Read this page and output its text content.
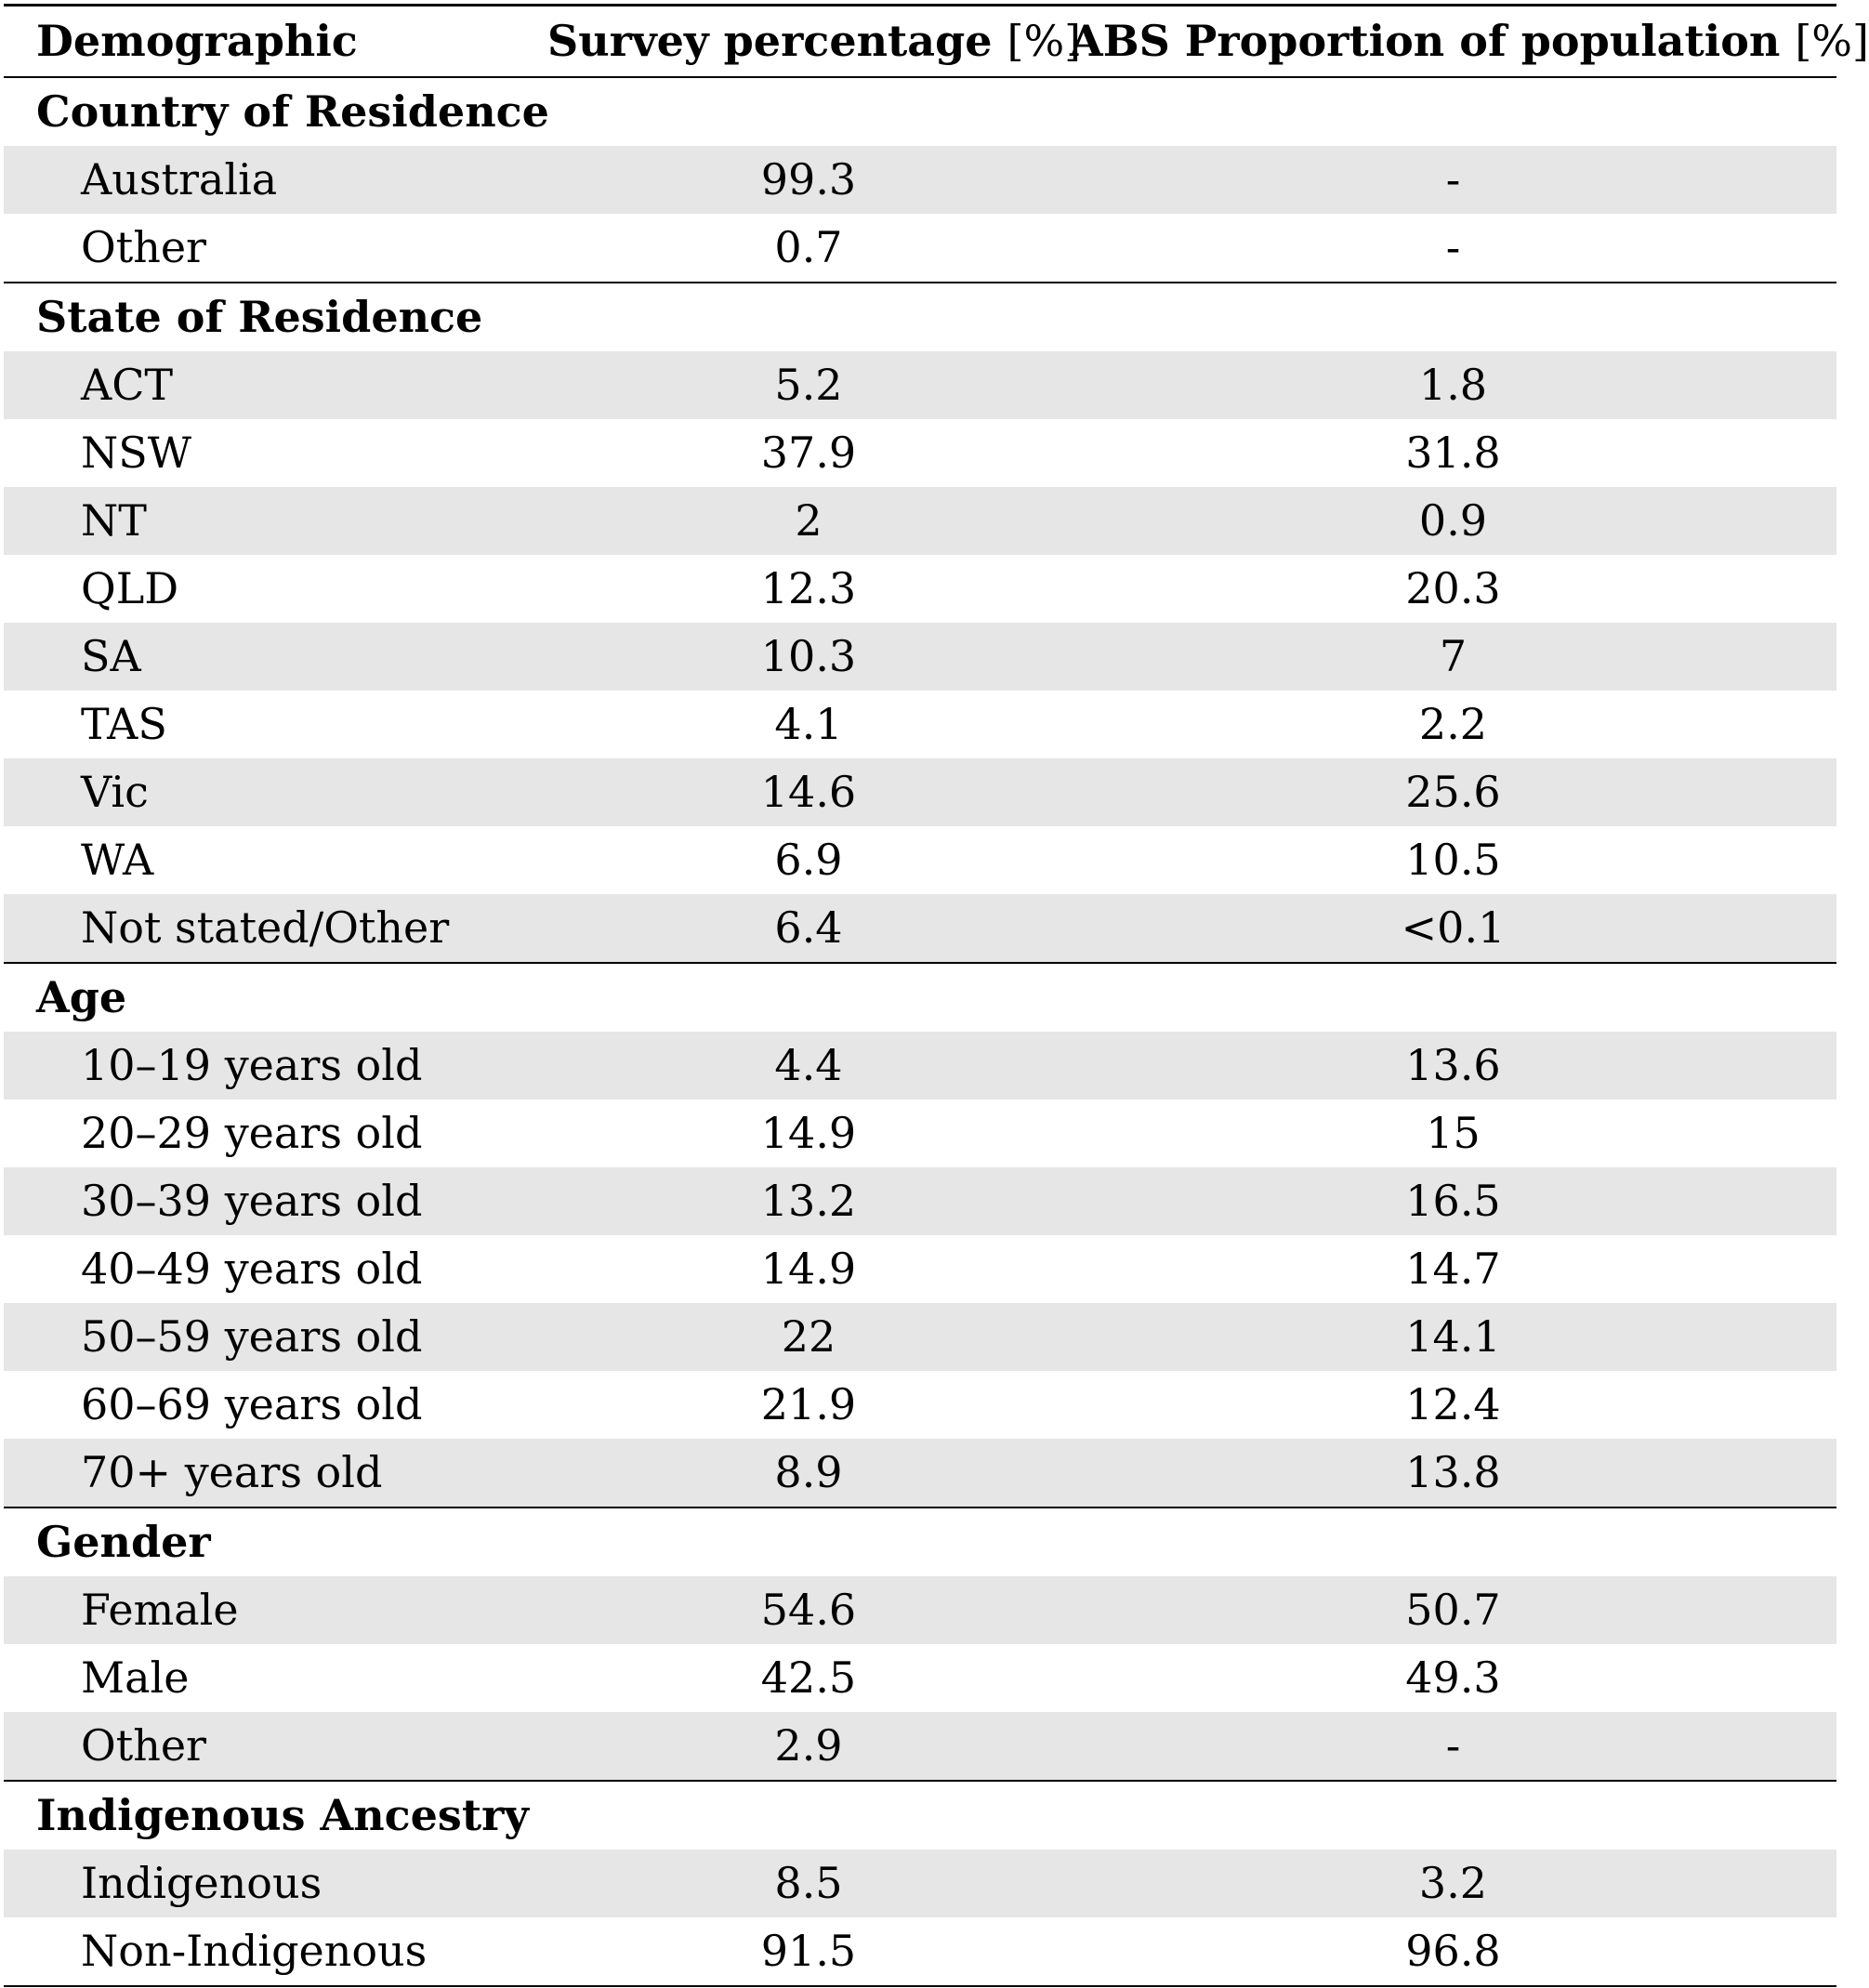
Demographic	Survey percentage [%]	ABS Proportion of population [%]
Country of Residence		
Australia	99.3	-
Other	0.7	-
State of Residence		
ACT	5.2	1.8
NSW	37.9	31.8
NT	2	0.9
QLD	12.3	20.3
SA	10.3	7
TAS	4.1	2.2
Vic	14.6	25.6
WA	6.9	10.5
Not stated/Other	6.4	<0.1
Age		
10–19 years old	4.4	13.6
20–29 years old	14.9	15
30–39 years old	13.2	16.5
40–49 years old	14.9	14.7
50–59 years old	22	14.1
60–69 years old	21.9	12.4
70+ years old	8.9	13.8
Gender		
Female	54.6	50.7
Male	42.5	49.3
Other	2.9	-
Indigenous Ancestry		
Indigenous	8.5	3.2
Non-Indigenous	91.5	96.8
